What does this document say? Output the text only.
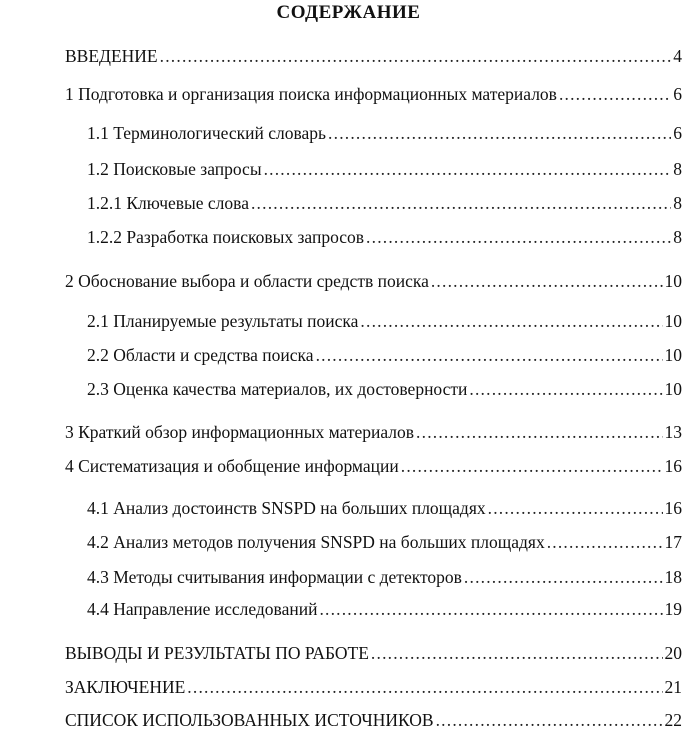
СОДЕРЖАНИЕ
ВВЕДЕНИЕ .....	4
1 Подготовка и организация поиска информационных материалов .....	6
1.1 Терминологический словарь .....	6
1.2 Поисковые запросы .....	8
1.2.1 Ключевые слова .....	8
1.2.2 Разработка поисковых запросов .....	8
2 Обоснование выбора и области средств поиска .....	10
2.1 Планируемые результаты поиска .....	10
2.2 Области и средства поиска .....	10
2.3 Оценка качества материалов, их достоверности .....	10
3 Краткий обзор информационных материалов .....	13
4 Систематизация и обобщение информации .....	16
4.1 Анализ достоинств SNSPD на больших площадях .....	16
4.2 Анализ методов получения SNSPD на больших площадях .....	17
4.3 Методы считывания информации с детекторов .....	18
4.4 Направление исследований .....	19
ВЫВОДЫ И РЕЗУЛЬТАТЫ ПО РАБОТЕ .....	20
ЗАКЛЮЧЕНИЕ .....	21
СПИСОК ИСПОЛЬЗОВАННЫХ ИСТОЧНИКОВ .....	22
